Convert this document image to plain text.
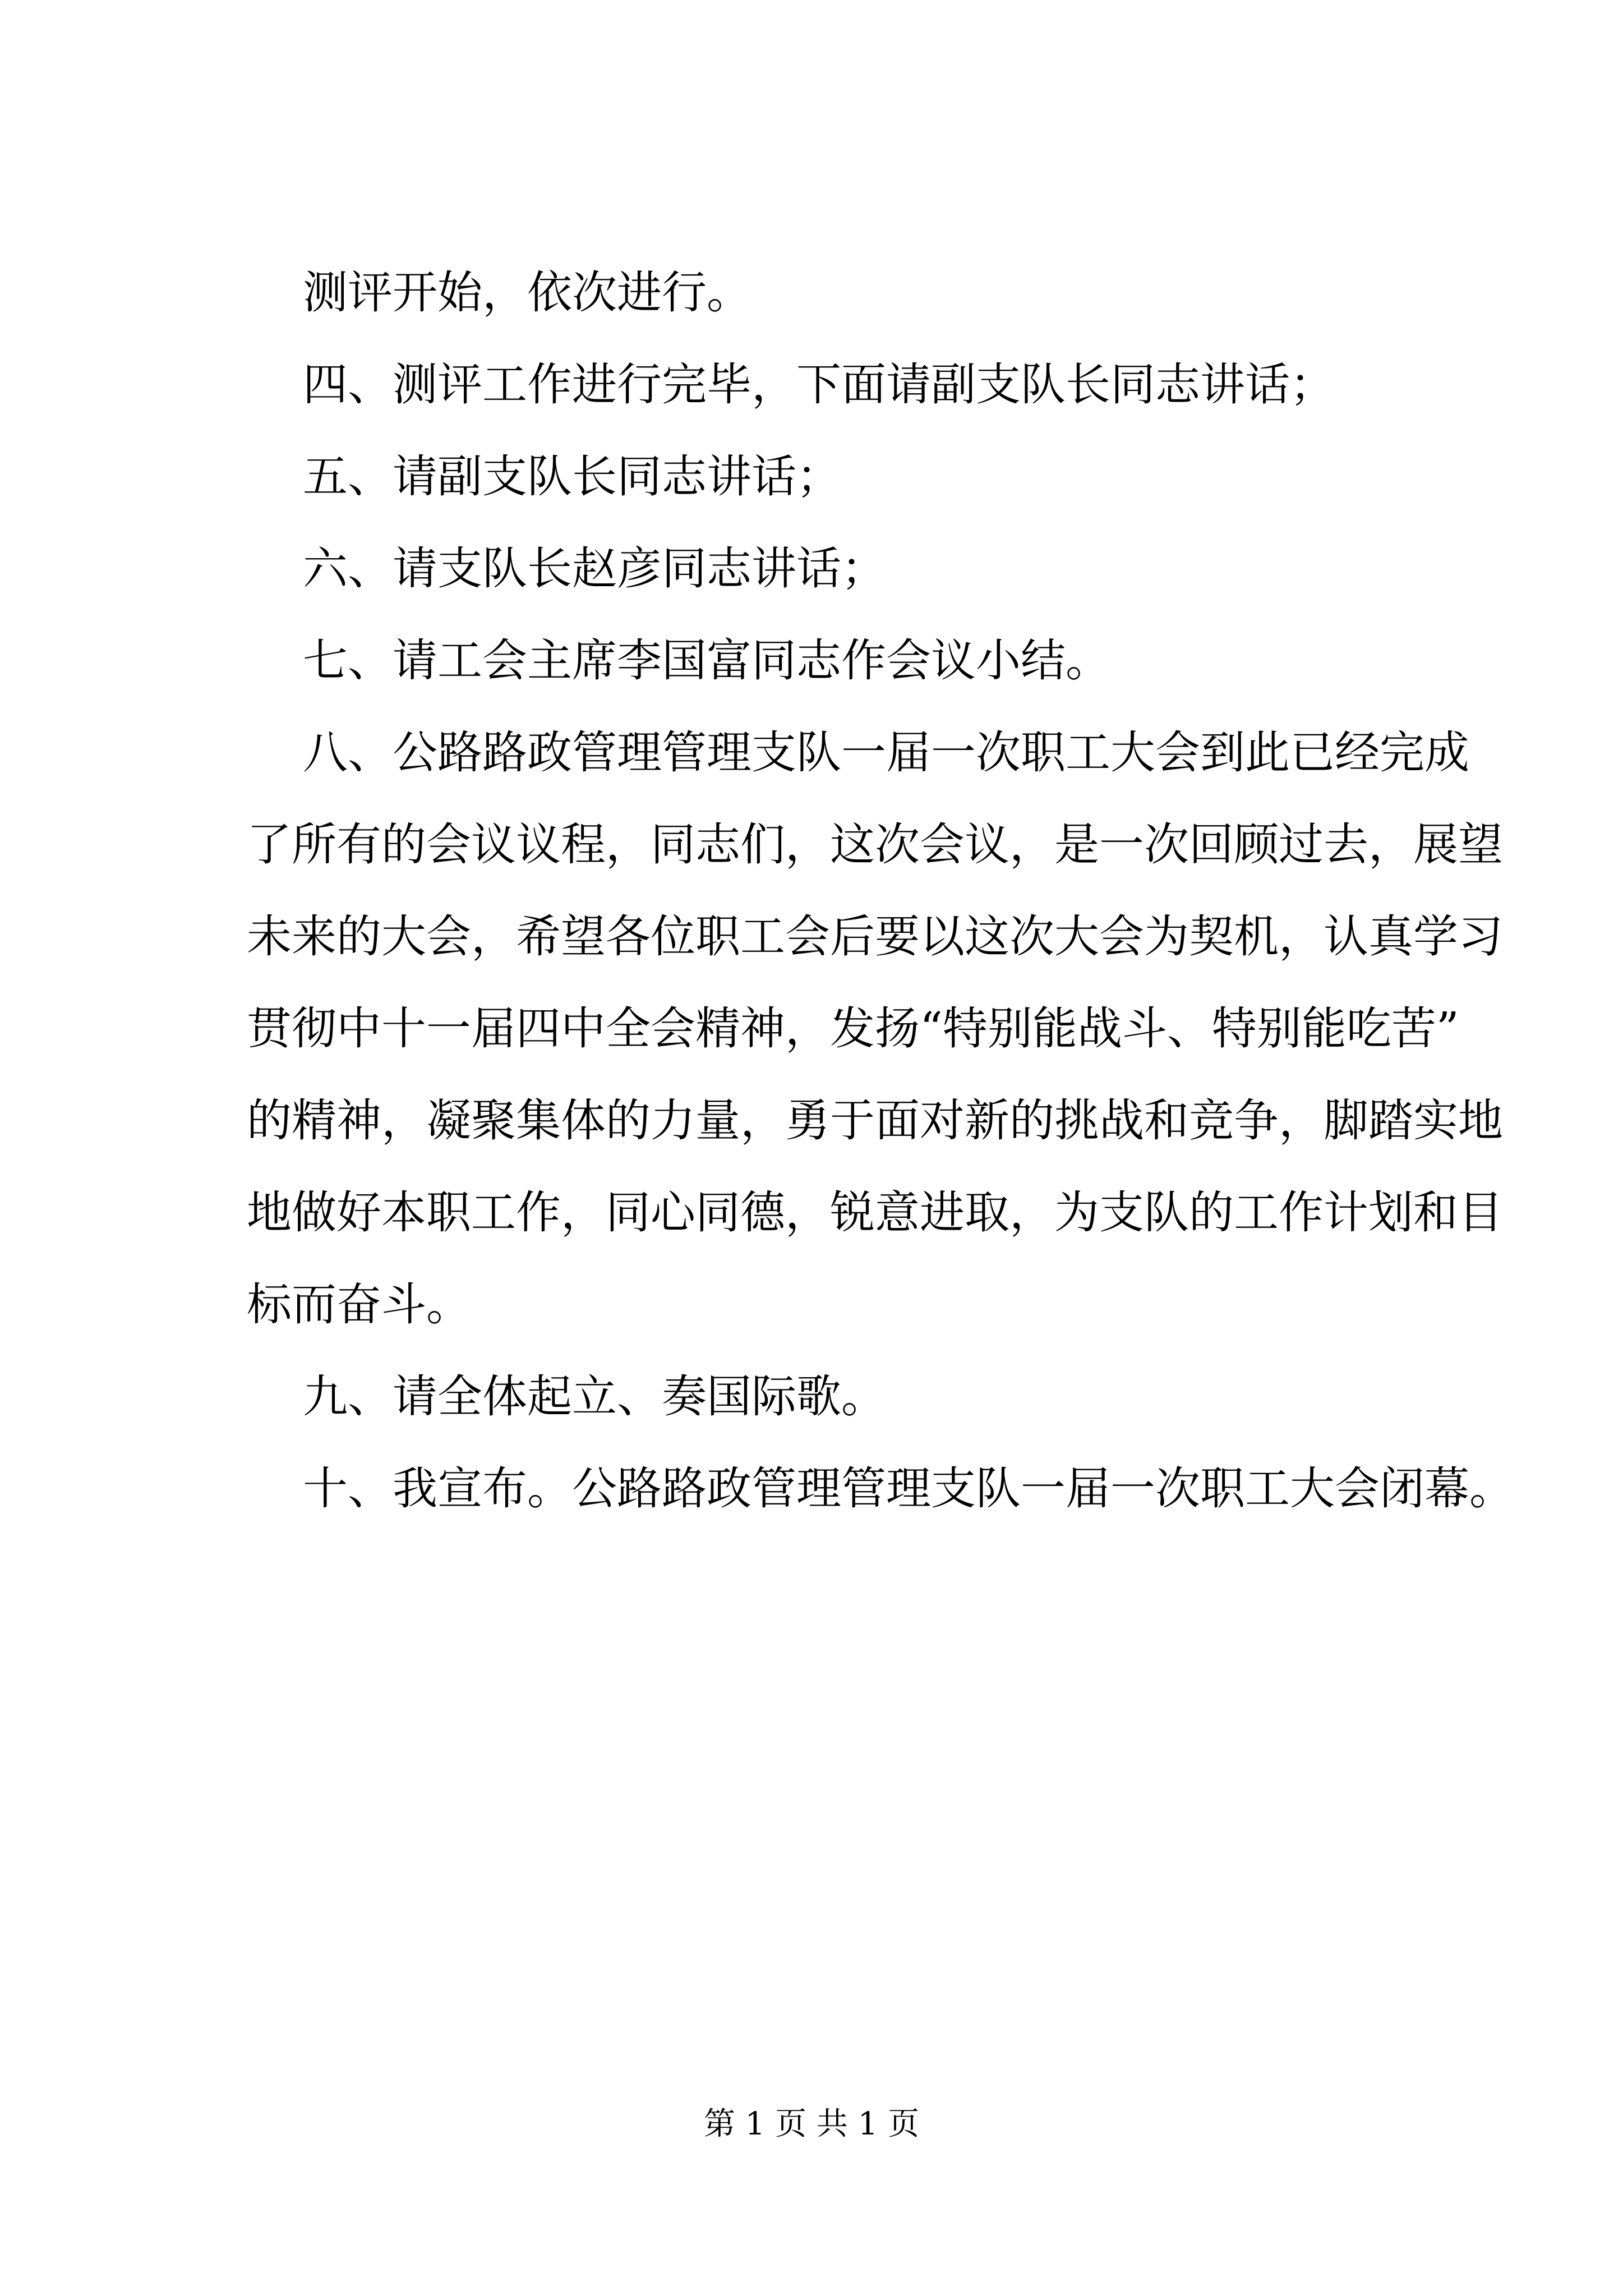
测评开始，依次进行。

四、测评工作进行完毕，下面请副支队长同志讲话；

五、请副支队长同志讲话；

六、请支队长赵彦同志讲话；

七、请工会主席李国富同志作会议小结。

八、公路路政管理管理支队一届一次职工大会到此已经完成
了所有的会议议程，同志们，这次会议，是一次回顾过去，展望
未来的大会，希望各位职工会后要以这次大会为契机，认真学习
贯彻中十一届四中全会精神，发扬“特别能战斗、特别能吃苦”
的精神，凝聚集体的力量，勇于面对新的挑战和竞争，脚踏实地
地做好本职工作，同心同德，锐意进取，为支队的工作计划和目
标而奋斗。

九、请全体起立、奏国际歌。

十、我宣布。公路路政管理管理支队一届一次职工大会闭幕。

第 1 页 共 1 页
